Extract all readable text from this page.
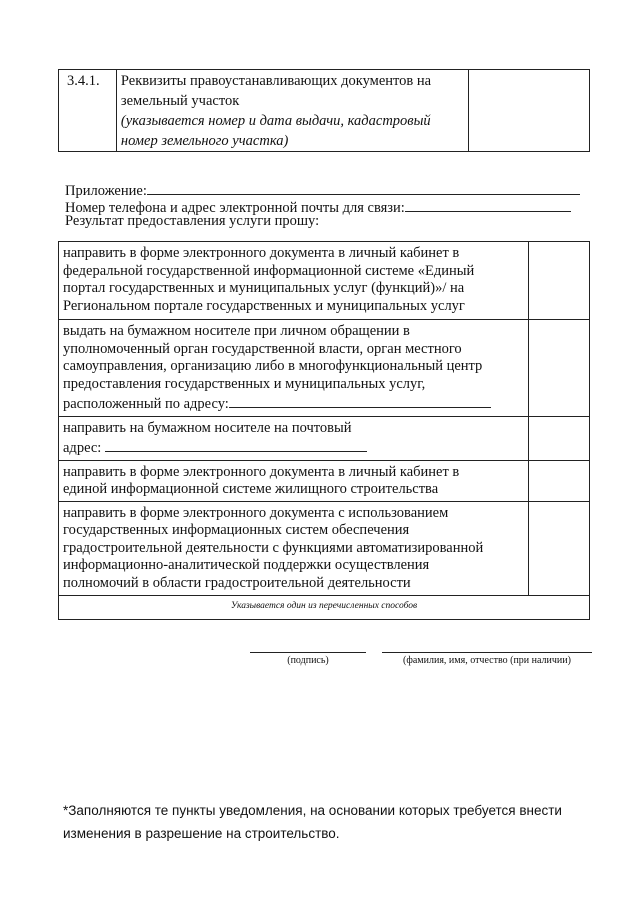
3.4.1.	Реквизиты правоустанавливающих документов на
земельный участок
(указывается номер и дата выдачи, кадастровый
номер земельного участка)

Приложение:
Номер телефона и адрес электронной почты для связи:
Результат предоставления услуги прошу:
направить в форме электронного документа в личный кабинет в
федеральной государственной информационной системе «Единый
портал государственных и муниципальных услуг (функций)»/ на
Региональном портале государственных и муниципальных услуг	

выдать на бумажном носителе при личном обращении в
уполномоченный орган государственной власти, орган местного
самоуправления, организацию либо в многофункциональный центр
предоставления государственных и муниципальных услуг,
расположенный по адресу:	

направить на бумажном носителе на почтовый
адрес:	

направить в форме электронного документа в личный кабинет в
единой информационной системе жилищного строительства	

направить в форме электронного документа с использованием
государственных информационных систем обеспечения
градостроительной деятельности с функциями автоматизированной
информационно-аналитической поддержки осуществления
полномочий в области градостроительной деятельности	

Указывается один из перечисленных способов	
(подпись)	(фамилия, имя, отчество (при наличии)
*Заполняются те пункты уведомления, на основании которых требуется внести
изменения в разрешение на строительство.
